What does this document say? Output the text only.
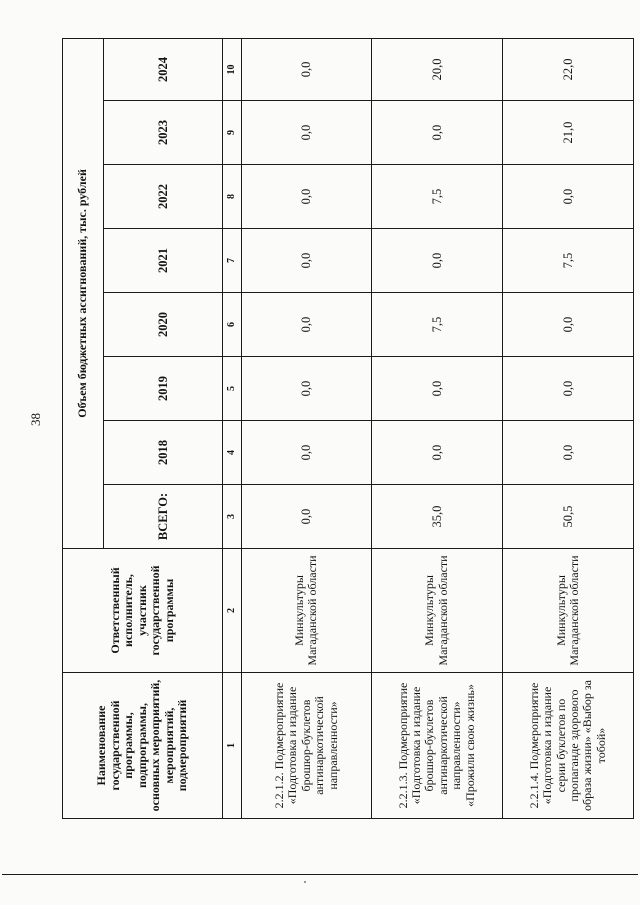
38
Наименование государственной программы, подпрограммы, основных мероприятий, мероприятий, подмероприятий	Ответственный исполнитель, участник государственной программы	Объем бюджетных ассигнований, тыс. рублей							
		ВСЕГО:	2018	2019	2020	2021	2022	2023	2024
1	2	3	4	5	6	7	8	9	10
2.2.1.2. Подмероприятие «Подготовка и издание брошюр-буклетов антинаркотической направленности»	Минкультуры Магаданской области	0,0	0,0	0,0	0,0	0,0	0,0	0,0	0,0
2.2.1.3. Подмероприятие «Подготовка и издание брошюр-буклетов антинаркотической направленности» «Прожили свою жизнь»	Минкультуры Магаданской области	35,0	0,0	0,0	7,5	0,0	7,5	0,0	20,0
2.2.1.4. Подмероприятие «Подготовка и издание серии буклетов по пропаганде здорового образа жизни» «Выбор за тобой»	Минкультуры Магаданской области	50,5	0,0	0,0	0,0	7,5	0,0	21,0	22,0
